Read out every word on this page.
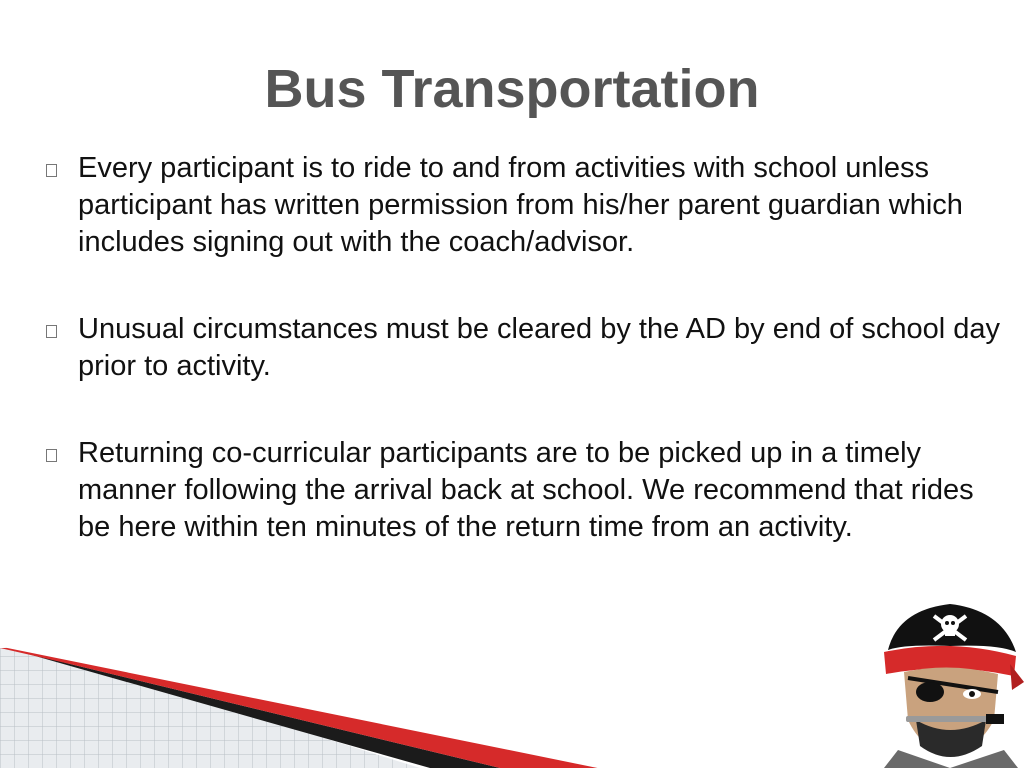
Bus Transportation
Every participant is to ride to and from activities with school unless participant has written permission from his/her parent guardian which includes signing out with the coach/advisor.
Unusual circumstances must be cleared by the AD by end of school day prior to activity.
Returning co-curricular participants are to be picked up in a timely manner following the arrival back at school. We recommend that rides be here within ten minutes of the return time from an activity.
